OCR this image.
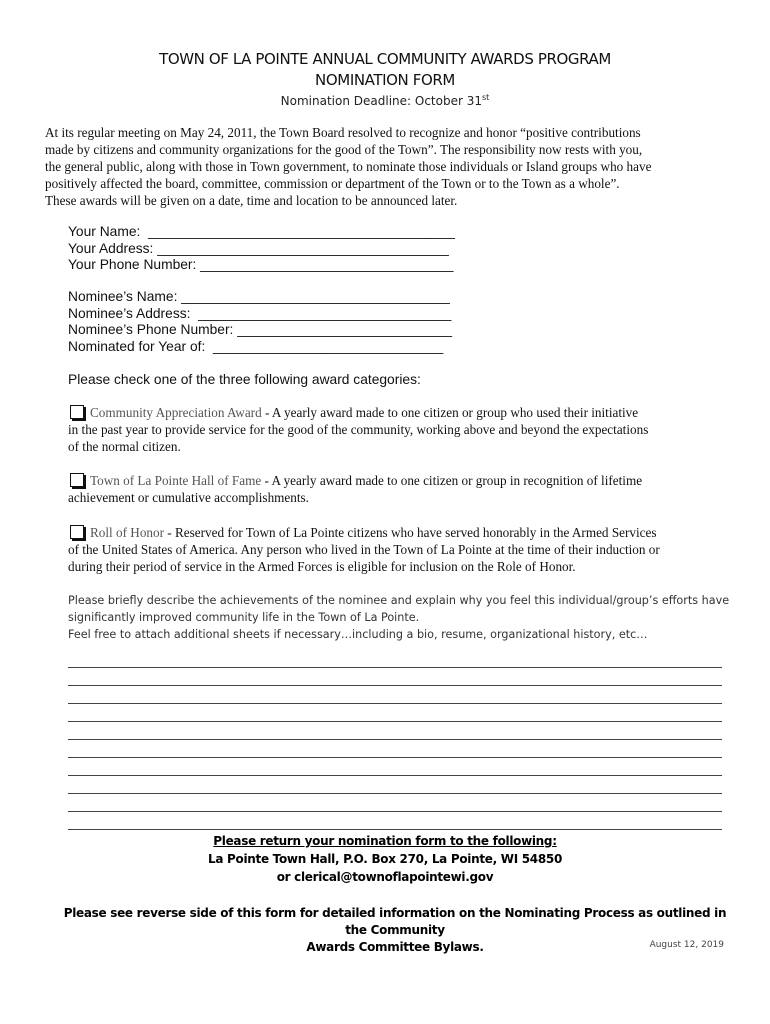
TOWN OF LA POINTE ANNUAL COMMUNITY AWARDS PROGRAM
NOMINATION FORM
Nomination Deadline: October 31st
At its regular meeting on May 24, 2011, the Town Board resolved to recognize and honor “positive contributions
made by citizens and community organizations for the good of the Town”. The responsibility now rests with you,
the general public, along with those in Town government, to nominate those individuals or Island groups who have
positively affected the board, committee, commission or department of the Town or to the Town as a whole”.
These awards will be given on a date, time and location to be announced later.
Your Name:  ________________________________________
Your Address: ______________________________________
Your Phone Number: _________________________________
Nominee’s Name: ___________________________________
Nominee’s Address:  _________________________________
Nominee’s Phone Number: ____________________________
Nominated for Year of:  ______________________________
Please check one of the three following award categories:
Community Appreciation Award - A yearly award made to one citizen or group who used their initiative
in the past year to provide service for the good of the community, working above and beyond the expectations
of the normal citizen.
Town of La Pointe Hall of Fame - A yearly award made to one citizen or group in recognition of lifetime
achievement or cumulative accomplishments.
Roll of Honor - Reserved for Town of La Pointe citizens who have served honorably in the Armed Services
of the United States of America. Any person who lived in the Town of La Pointe at the time of their induction or
during their period of service in the Armed Forces is eligible for inclusion on the Role of Honor.
Please briefly describe the achievements of the nominee and explain why you feel this individual/group’s efforts have
significantly improved community life in the Town of La Pointe.
Feel free to attach additional sheets if necessary…including a bio, resume, organizational history, etc…
Please return your nomination form to the following:
La Pointe Town Hall, P.O. Box 270, La Pointe, WI 54850
or clerical@townoflapointewi.gov
Please see reverse side of this form for detailed information on the Nominating Process as outlined in the Community
Awards Committee Bylaws.	August 12, 2019
